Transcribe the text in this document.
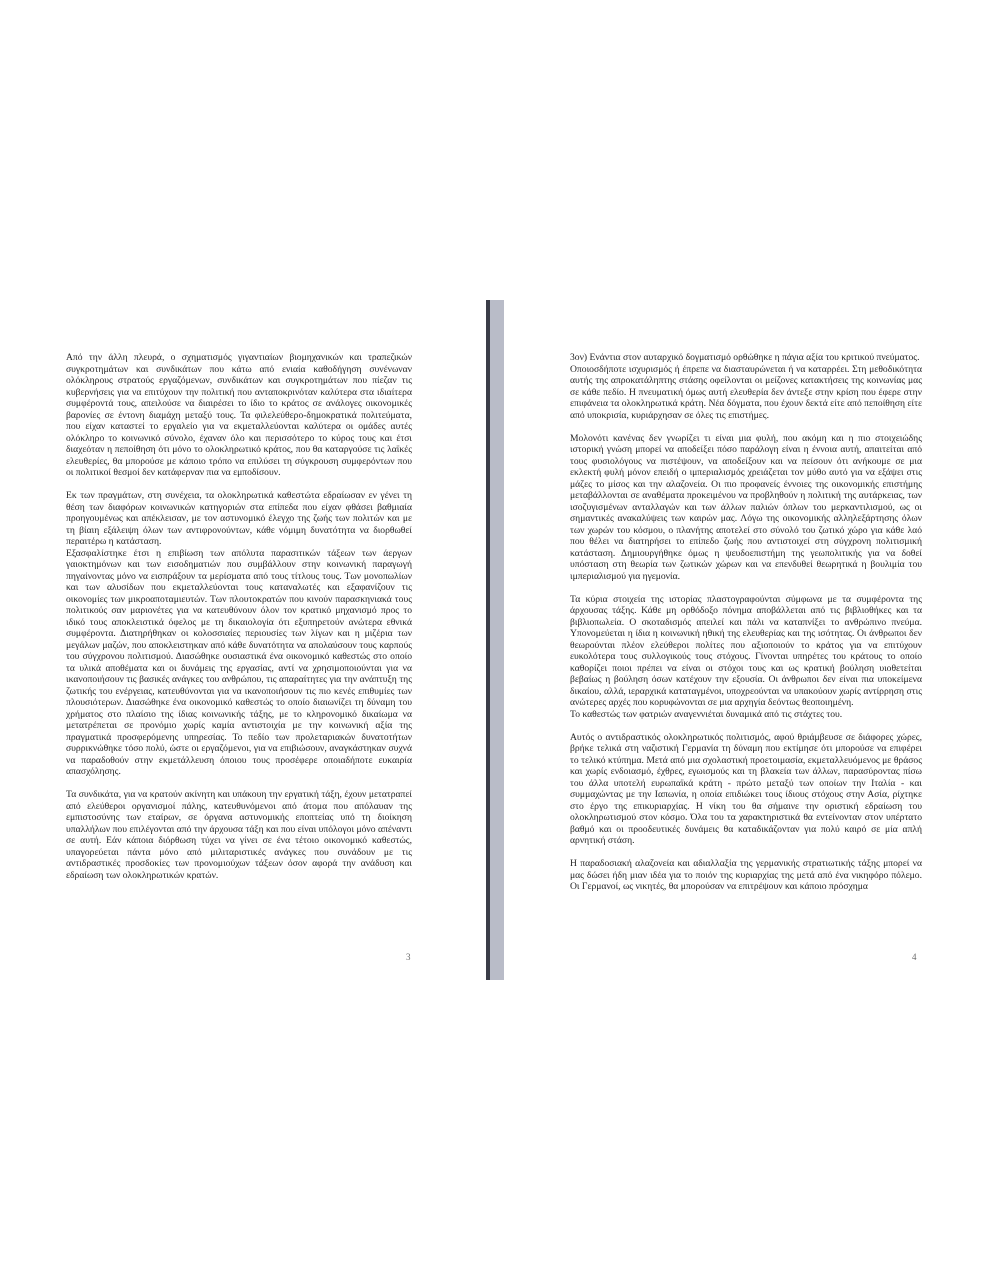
Από την άλλη πλευρά, ο σχηματισμός γιγαντιαίων βιομηχανικών και τραπεζικών συγκροτημάτων και συνδικάτων που κάτω από ενιαία καθοδήγηση συνένωναν ολόκληρους στρατούς εργαζόμενων, συνδικάτων και συγκροτημάτων που πίεζαν τις κυβερνήσεις για να επιτύχουν την πολιτική που ανταποκρινόταν καλύτερα στα ιδιαίτερα συμφέροντά τους, απειλούσε να διαιρέσει το ίδιο το κράτος σε ανάλογες οικονομικές βαρονίες σε έντονη διαμάχη μεταξύ τους. Τα φιλελεύθερο-δημοκρατικά πολιτεύματα, που είχαν καταστεί το εργαλείο για να εκμεταλλεύονται καλύτερα οι ομάδες αυτές ολόκληρο το κοινωνικό σύνολο, έχαναν όλο και περισσότερο το κύρος τους και έτσι διαχεόταν η πεποίθηση ότι μόνο το ολοκληρωτικό κράτος, που θα καταργούσε τις λαϊκές ελευθερίες, θα μπορούσε με κάποιο τρόπο να επιλύσει τη σύγκρουση συμφερόντων που οι πολιτικοί θεσμοί δεν κατάφερναν πια να εμποδίσουν.

Εκ των πραγμάτων, στη συνέχεια, τα ολοκληρωτικά καθεστώτα εδραίωσαν εν γένει τη θέση των διαφόρων κοινωνικών κατηγοριών στα επίπεδα που είχαν φθάσει βαθμιαία προηγουμένως και απέκλεισαν, με τον αστυνομικό έλεγχο της ζωής των πολιτών και με τη βίαιη εξάλειψη όλων των αντιφρονούντων, κάθε νόμιμη δυνατότητα να διορθωθεί περαιτέρω η κατάσταση.
Εξασφαλίστηκε έτσι η επιβίωση των απόλυτα παρασιτικών τάξεων των άεργων γαιοκτημόνων και των εισοδηματιών που συμβάλλουν στην κοινωνική παραγωγή πηγαίνοντας μόνο να εισπράξουν τα μερίσματα από τους τίτλους τους. Των μονοπωλίων και των αλυσίδων που εκμεταλλεύονται τους καταναλωτές και εξαφανίζουν τις οικονομίες των μικροαποταμιευτών. Των πλουτοκρατών που κινούν παρασκηνιακά τους πολιτικούς σαν μαριονέτες για να κατευθύνουν όλον τον κρατικό μηχανισμό προς το ιδικό τους αποκλειστικά όφελος με τη δικαιολογία ότι εξυπηρετούν ανώτερα εθνικά συμφέροντα. Διατηρήθηκαν οι κολοσσιαίες περιουσίες των λίγων και η μιζέρια των μεγάλων μαζών, που αποκλειστηκαν από κάθε δυνατότητα να απολαύσουν τους καρπούς του σύγχρονου πολιτισμού. Διασώθηκε ουσιαστικά ένα οικονομικό καθεστώς στο οποίο τα υλικά αποθέματα και οι δυνάμεις της εργασίας, αντί να χρησιμοποιούνται για να ικανοποιήσουν τις βασικές ανάγκες του ανθρώπου, τις απαραίτητες για την ανάπτυξη της ζωτικής του ενέργειας, κατευθύνονται για να ικανοποιήσουν τις πιο κενές επιθυμίες των πλουσιότερων. Διασώθηκε ένα οικονομικό καθεστώς το οποίο διαιωνίζει τη δύναμη του χρήματος στο πλαίσιο της ίδιας κοινωνικής τάξης, με το κληρονομικό δικαίωμα να μετατρέπεται σε προνόμιο χωρίς καμία αντιστοιχία με την κοινωνική αξία της πραγματικά προσφερόμενης υπηρεσίας. Το πεδίο των προλεταριακών δυνατοτήτων συρρικνώθηκε τόσο πολύ, ώστε οι εργαζόμενοι, για να επιβιώσουν, αναγκάστηκαν συχνά να παραδοθούν στην εκμετάλλευση όποιου τους προσέφερε οποιαδήποτε ευκαιρία απασχόλησης.

Τα συνδικάτα, για να κρατούν ακίνητη και υπάκουη την εργατική τάξη, έχουν μετατραπεί από ελεύθεροι οργανισμοί πάλης, κατευθυνόμενοι από άτομα που απόλαυαν της εμπιστοσύνης των εταίρων, σε όργανα αστυνομικής εποπτείας υπό τη διοίκηση υπαλλήλων που επιλέγονται από την άρχουσα τάξη και που είναι υπόλογοι μόνο απέναντι σε αυτή. Εάν κάποια διόρθωση τύχει να γίνει σε ένα τέτοιο οικονομικό καθεστώς, υπαγορεύεται πάντα μόνο από μιλιταριστικές ανάγκες που συνάδουν με τις αντιδραστικές προσδοκίες των προνομιούχων τάξεων όσον αφορά την ανάδυση και εδραίωση των ολοκληρωτικών κρατών.

3

3ον) Ενάντια στον αυταρχικό δογματισμό ορθώθηκε η πάγια αξία του κριτικού πνεύματος.
Οποιοσδήποτε ισχυρισμός ή έπρεπε να διασταυρώνεται ή να καταρρέει. Στη μεθοδικότητα αυτής της απροκατάληπτης στάσης οφείλονται οι μείζονες κατακτήσεις της κοινωνίας μας σε κάθε πεδίο. Η πνευματική όμως αυτή ελευθερία δεν άντεξε στην κρίση που έφερε στην επιφάνεια τα ολοκληρωτικά κράτη. Νέα δόγματα, που έχουν δεκτά είτε από πεποίθηση είτε από υποκρισία, κυριάρχησαν σε όλες τις επιστήμες.

Μολονότι κανένας δεν γνωρίζει τι είναι μια φυλή, που ακόμη και η πιο στοιχειώδης ιστορική γνώση μπορεί να αποδείξει πόσο παράλογη είναι η έννοια αυτή, απαιτείται από τους φυσιολόγους να πιστέψουν, να αποδείξουν και να πείσουν ότι ανήκουμε σε μια εκλεκτή φυλή μόνον επειδή ο ιμπεριαλισμός χρειάζεται τον μύθο αυτό για να εξάψει στις μάζες το μίσος και την αλαζονεία. Οι πιο προφανείς έννοιες της οικονομικής επιστήμης μεταβάλλονται σε αναθέματα προκειμένου να προβληθούν η πολιτική της αυτάρκειας, των ισοζυγισμένων ανταλλαγών και των άλλων παλιών όπλων του μερκαντιλισμού, ως οι σημαντικές ανακαλύψεις των καιρών μας. Λόγω της οικονομικής αλληλεξάρτησης όλων των χωρών του κόσμου, ο πλανήτης αποτελεί στο σύνολό του ζωτικό χώρο για κάθε λαό που θέλει να διατηρήσει το επίπεδο ζωής που αντιστοιχεί στη σύγχρονη πολιτισμική κατάσταση. Δημιουργήθηκε όμως η ψευδοεπιστήμη της γεωπολιτικής για να δοθεί υπόσταση στη θεωρία των ζωτικών χώρων και να επενδυθεί θεωρητικά η βουλιμία του ιμπεριαλισμού για ηγεμονία.

Τα κύρια στοιχεία της ιστορίας πλαστογραφούνται σύμφωνα με τα συμφέροντα της άρχουσας τάξης. Κάθε μη ορθόδοξο πόνημα αποβάλλεται από τις βιβλιοθήκες και τα βιβλιοπωλεία. Ο σκοταδισμός απειλεί και πάλι να καταπνίξει το ανθρώπινο πνεύμα. Υπονομεύεται η ίδια η κοινωνική ηθική της ελευθερίας και της ισότητας. Οι άνθρωποι δεν θεωρούνται πλέον ελεύθεροι πολίτες που αξιοποιούν το κράτος για να επιτύχουν ευκολότερα τους συλλογικούς τους στόχους. Γίνονται υπηρέτες του κράτους το οποίο καθορίζει ποιοι πρέπει να είναι οι στόχοι τους και ως κρατική βούληση υιοθετείται βεβαίως η βούληση όσων κατέχουν την εξουσία. Οι άνθρωποι δεν είναι πια υποκείμενα δικαίου, αλλά, ιεραρχικά καταταγμένοι, υποχρεούνται να υπακούουν χωρίς αντίρρηση στις ανώτερες αρχές που κορυφώνονται σε μια αρχηγία δεόντως θεοποιημένη.
Το καθεστώς των φατριών αναγεννιέται δυναμικά από τις στάχτες του.

Αυτός ο αντιδραστικός ολοκληρωτικός πολιτισμός, αφού θριάμβευσε σε διάφορες χώρες, βρήκε τελικά στη ναζιστική Γερμανία τη δύναμη που εκτίμησε ότι μπορούσε να επιφέρει το τελικό κτύπημα. Μετά από μια σχολαστική προετοιμασία, εκμεταλλευόμενος με θράσος και χωρίς ενδοιασμό, έχθρες, εγωισμούς και τη βλακεία των άλλων, παρασύροντας πίσω του άλλα υποτελή ευρωπαϊκά κράτη - πρώτο μεταξύ των οποίων την Ιταλία - και συμμαχώντας με την Ιαπωνία, η οποία επιδιώκει τους ίδιους στόχους στην Ασία, ρίχτηκε στο έργο της επικυριαρχίας. Η νίκη του θα σήμαινε την οριστική εδραίωση του ολοκληρωτισμού στον κόσμο. Όλα του τα χαρακτηριστικά θα εντείνονταν στον υπέρτατο βαθμό και οι προοδευτικές δυνάμεις θα καταδικάζονταν για πολύ καιρό σε μία απλή αρνητική στάση.

Η παραδοσιακή αλαζονεία και αδιαλλαξία της γερμανικής στρατιωτικής τάξης μπορεί να μας δώσει ήδη μιαν ιδέα για το ποιόν της κυριαρχίας της μετά από ένα νικηφόρο πόλεμο. Οι Γερμανοί, ως νικητές, θα μπορούσαν να επιτρέψουν και κάποιο πρόσχημα

4
